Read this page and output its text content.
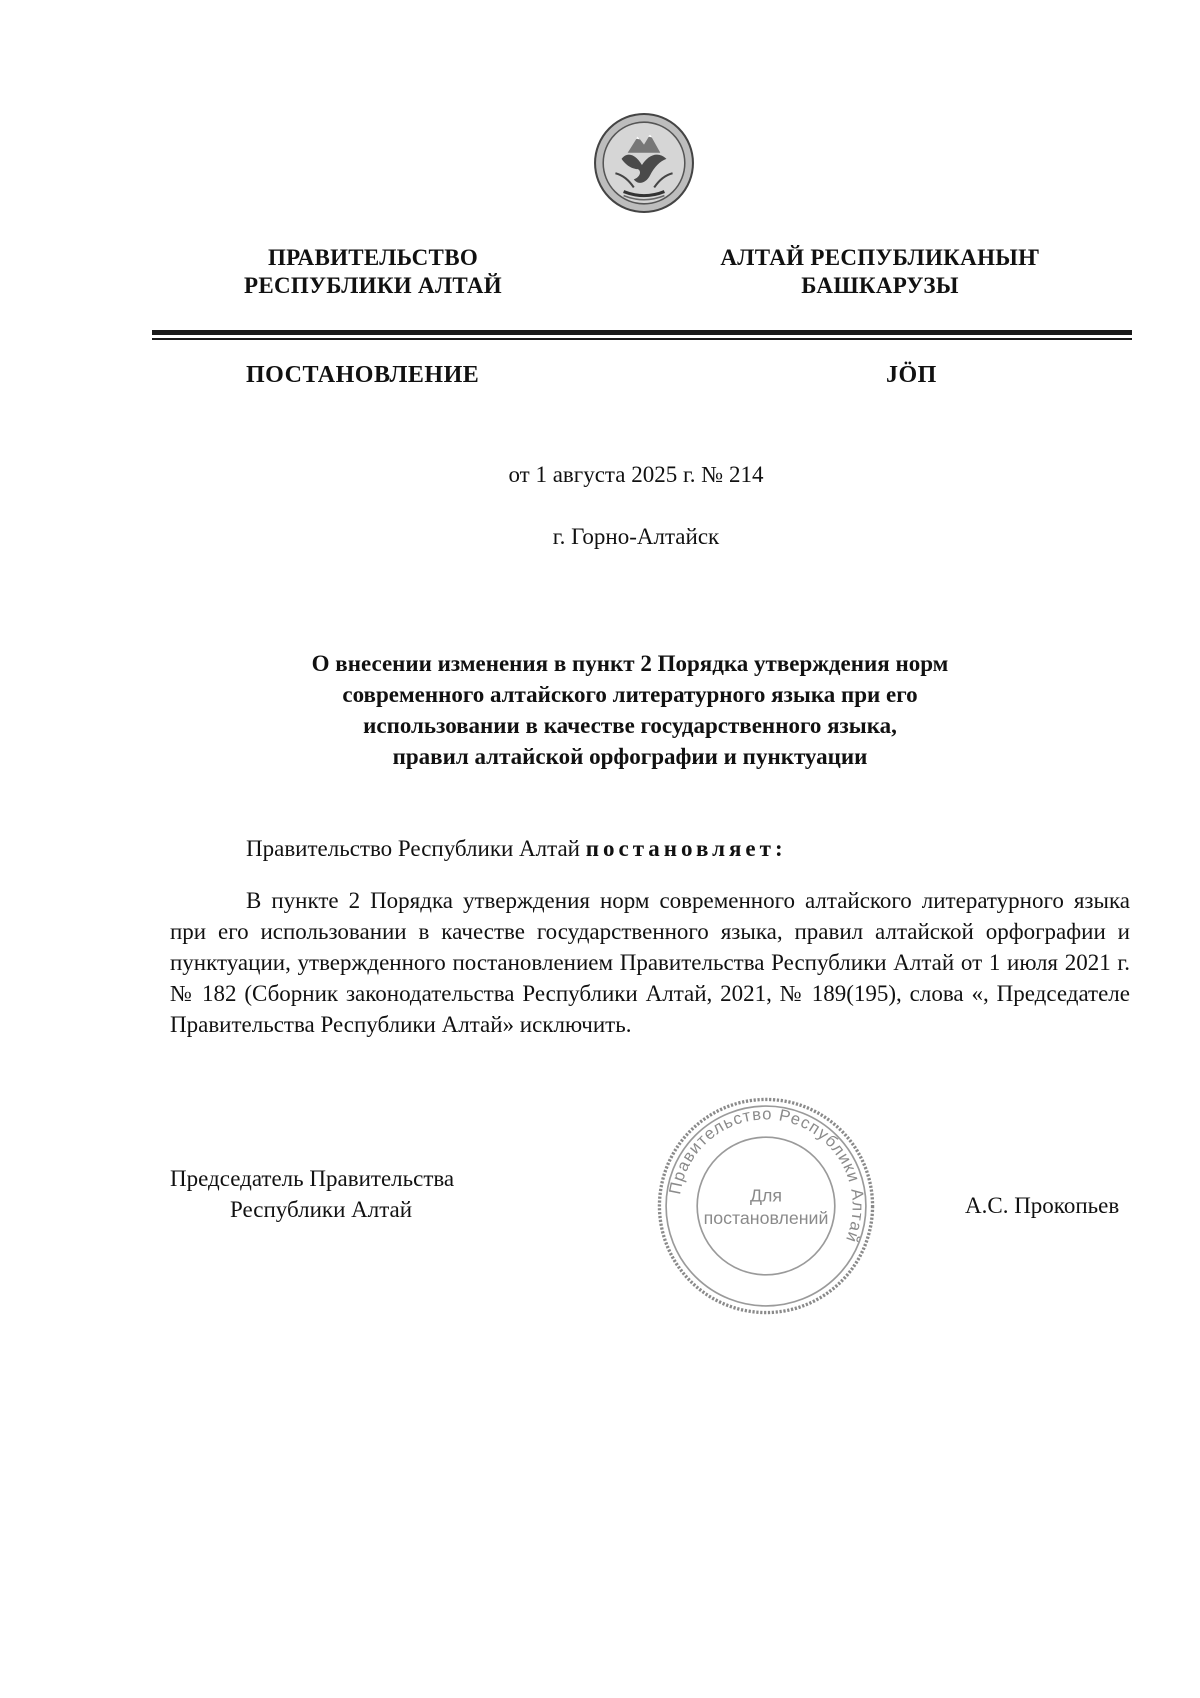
ПРАВИТЕЛЬСТВО
РЕСПУБЛИКИ АЛТАЙ
АЛТАЙ РЕСПУБЛИКАНЫҤ
БАШКАРУЗЫ
ПОСТАНОВЛЕНИЕ	ЈӦП
от 1 августа 2025 г. № 214
г. Горно-Алтайск
О внесении изменения в пункт 2 Порядка утверждения норм
современного алтайского литературного языка при его
использовании в качестве государственного языка,
правил алтайской орфографии и пунктуации
Правительство Республики Алтай постановляет:
В пункте 2 Порядка утверждения норм современного алтайского литературного языка при его использовании в качестве государственного языка, правил алтайской орфографии и пунктуации, утвержденного постановлением Правительства Республики Алтай от 1 июля 2021 г. № 182 (Сборник законодательства Республики Алтай, 2021, № 189(195), слова «, Председателе Правительства Республики Алтай» исключить.
Председатель Правительства
Республики Алтай	А.С. Прокопьев
Правительство Республики Алтай
Для
постановлений
